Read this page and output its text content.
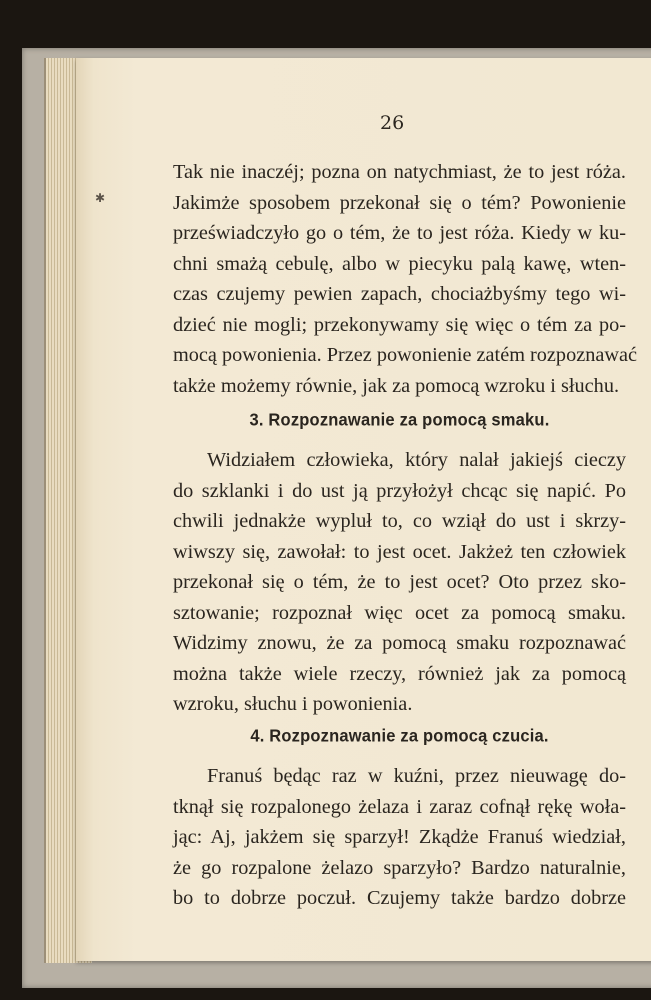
✱
26
Tak nie inaczéj; pozna on natychmiast, że to jest róża.
Jakimże sposobem przekonał się o tém? Powonienie
przeświadczyło go o tém, że to jest róża. Kiedy w ku-
chni smażą cebulę, albo w piecyku palą kawę, wten-
czas czujemy pewien zapach, chociażbyśmy tego wi-
dzieć nie mogli; przekonywamy się więc o tém za po-
mocą powonienia. Przez powonienie zatém rozpoznawać
także możemy równie, jak za pomocą wzroku i słuchu.
3. Rozpoznawanie za pomocą smaku.
Widziałem człowieka, który nalał jakiejś cieczy
do szklanki i do ust ją przyłożył chcąc się napić. Po
chwili jednakże wypluł to, co wziął do ust i skrzy-
wiwszy się, zawołał: to jest ocet. Jakżeż ten człowiek
przekonał się o tém, że to jest ocet? Oto przez sko-
sztowanie; rozpoznał więc ocet za pomocą smaku.
Widzimy znowu, że za pomocą smaku rozpoznawać
można także wiele rzeczy, również jak za pomocą
wzroku, słuchu i powonienia.
4. Rozpoznawanie za pomocą czucia.
Franuś będąc raz w kuźni, przez nieuwagę do-
tknął się rozpalonego żelaza i zaraz cofnął rękę woła-
jąc: Aj, jakżem się sparzył! Zkądże Franuś wiedział,
że go rozpalone żelazo sparzyło? Bardzo naturalnie,
bo to dobrze poczuł. Czujemy także bardzo dobrze
